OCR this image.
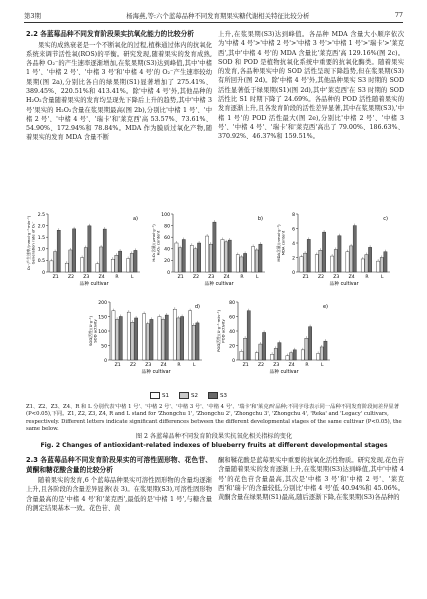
第3期	杨海燕,等:六个蓝莓品种不同发育期果实糖代谢相关特征比较分析	77
2.2 各蓝莓品种不同发育阶段果实抗氧化能力的比较分析

果实的成熟衰老是一个不断氧化的过程,植株通过体内的抗氧化系统来调节活性氧(ROS)的平衡。研究发现,随着果实的发育成熟,各品种 O₂⁻的产生速率逐渐增加,在浆果期(S3)达到峰值,其中'中楮 1 号'、'中楮 2 号'、'中楮 3 号'和'中楮 4 号'的 O₂⁻产生速率较幼果期(图 2a),分别比各自的绿果期(S1)显著增加了 275.41%、389.45%、220.51%和 413.41%。除'中楮 4 号'外,其他品种的 H₂O₂含量随着果实的发育均呈现先下降后上升的趋势,其中'中楮 3 号'果实的 H₂O₂含量在浆果期最高(图 2b),分别比'中楮 1 号'、'中楮 2 号'、'中楮 4 号'、'瑞卡'和'莱克西'高 53.57%、73.61%、54.90%、172.94%和 78.84%。MDA 作为膜质过氧化产物,随着果实的发育 MDA 含量不断

上升,在浆果期(S3)达到峰值。各品种 MDA 含量大小顺序依次为'中楮 4 号'>'中楮 2 号'>'中楮 3 号'>'中楮 1 号'>'瑞卡'>'莱克西',其中'中楮 4 号'的 MDA 含量比'莱克西'高 129.16%(图 2c)。SOD 和 POD 是植物抗氧化系统中重要的抗氧化酶类。随着果实的发育,各品种果实中的 SOD 活性呈现下降趋势,但在浆果期(S3)有所回升(图 2d)。除'中楮 4 号'外,其他品种果实 S3 时期的 SOD 活性显著低于绿果期(S1)(图 2d),其中'莱克西'在 S3 时期的 SOD 活性比 S1 时期下降了 24.69%。各品种的 POD 活性随着果实的发育逐渐上升,且各发育阶段的活性差异显著,其中在浆果期(S3),'中楮 1 号'的 POD 活性最大(图 2e),分别比'中楮 2 号'、'中楮 3 号'、'中楮 4 号'、'瑞卡'和'莱克西'高出了 79.00%、186.63%、370.92%、46.37%和 159.51%。

0
0.5
1.0
1.5
2.0
2.5
O₂⁻产生速率/(nmol·g⁻¹·min⁻¹) Generation rate of O₂⁻
Z1 Z2 Z3 Z4 R	L
a)
品种 cultivar
0
20
40
60
80
100
H₂O₂含量/(μmol·g⁻¹) H₂O₂ content
Z1 Z2 Z3 Z4 R	L
b)
品种 cultivar
0
2
4
6
8
MDA含量/(nmol·g⁻¹) MDA content
Z1 Z2 Z3 Z4 R	L
c)
品种 cultivar
0
50
100
150
200
SOD活性/(U·g⁻¹) SOD activity
Z1 Z2 Z3 Z4 R	L
d)
品种 cultivar
0
20
40
60
80
POD活性/(U·g⁻¹·min⁻¹) POD activity
Z1 Z2 Z3 Z4 R	L
e)
品种 cultivar
S1	S2	S3
Z1、Z2、Z3、Z4、R 和 L 分别代表'中楮 1 号'、'中楮 2 号'、'中楮 3 号'、'中楮 4 号'、'瑞卡'和'莱克西'品种;不同字母表示同一品种不同发育阶段间差异显著(P<0.05),下同。Z1, Z2, Z3, Z4, R and L stand for 'Zhongchu 1', 'Zhongchu 2', 'Zhongchu 3', 'Zhongchu 4', 'Reka' and 'Legacy' cultivars, respectively. Different letters indicate significant differences between the different developmental stages of the same cultivar (P<0.05), the same below.
图 2 各蓝莓品种不同发育阶段果实抗氧化相关指标的变化
Fig. 2 Changes of antioxidant-related indexes of blueberry fruits at different developmental stages
2.3 各蓝莓品种不同发育阶段果实的可溶性固形物、花色苷、黄酮和糖花酸含量的比较分析

随着果实的发育,6 个蓝莓品种果实可溶性固形物的含量均逐渐上升,且各阶段的含量差异显著(表 3)。在浆果期(S3),可溶性固形物含量最高的是'中楮 4 号'和'莱克西',最低的是'中楮 1 号',与糖含量的测定结果基本一致。花色苷、黄

酮和鞣花酸是蓝莓果实中重要的抗氧化活性物质。研究发现,花色苷含量随着果实的发育逐渐上升,在浆果期(S3)达到峰值,其中'中楮 4 号'的花色苷含量最高,其次是'中楮 3 号'和'中楮 2 号'、'莱克西'和'瑞卡'的含量较低,分别比'中楮 4 号'低 40.94%和 45.06%。黄酮含量在绿果期(S1)最高,随后逐渐下降,在浆果期(S3)各品种的
